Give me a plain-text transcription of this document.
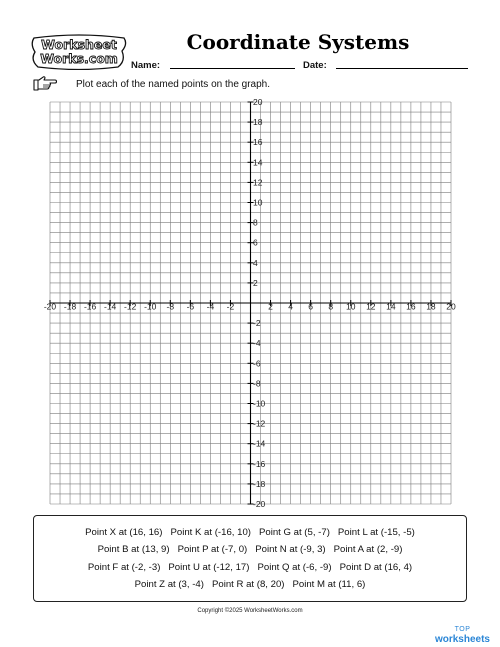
Worksheet
Works.com
Coordinate Systems
Name:	Date:
Plot each of the named points on the graph.
-20 -18 -16 -14 -12 -10 -8 -6 -4 -2	2 4 6 8 10 12 14 16 18 20
20
18
16
14
12
10
8
6
4
2
-2
-4
-6
-8
-10
-12
-14
-16
-18
-20
Point X at (16, 16) Point K at (-16, 10) Point G at (5, -7) Point L at (-15, -5)
Point B at (13, 9) Point P at (-7, 0) Point N at (-9, 3) Point A at (2, -9)
Point F at (-2, -3) Point U at (-12, 17) Point Q at (-6, -9) Point D at (16, 4)
Point Z at (3, -4) Point R at (8, 20) Point M at (11, 6)
Copyright ©2025 WorksheetWorks.com
TOP
worksheets
